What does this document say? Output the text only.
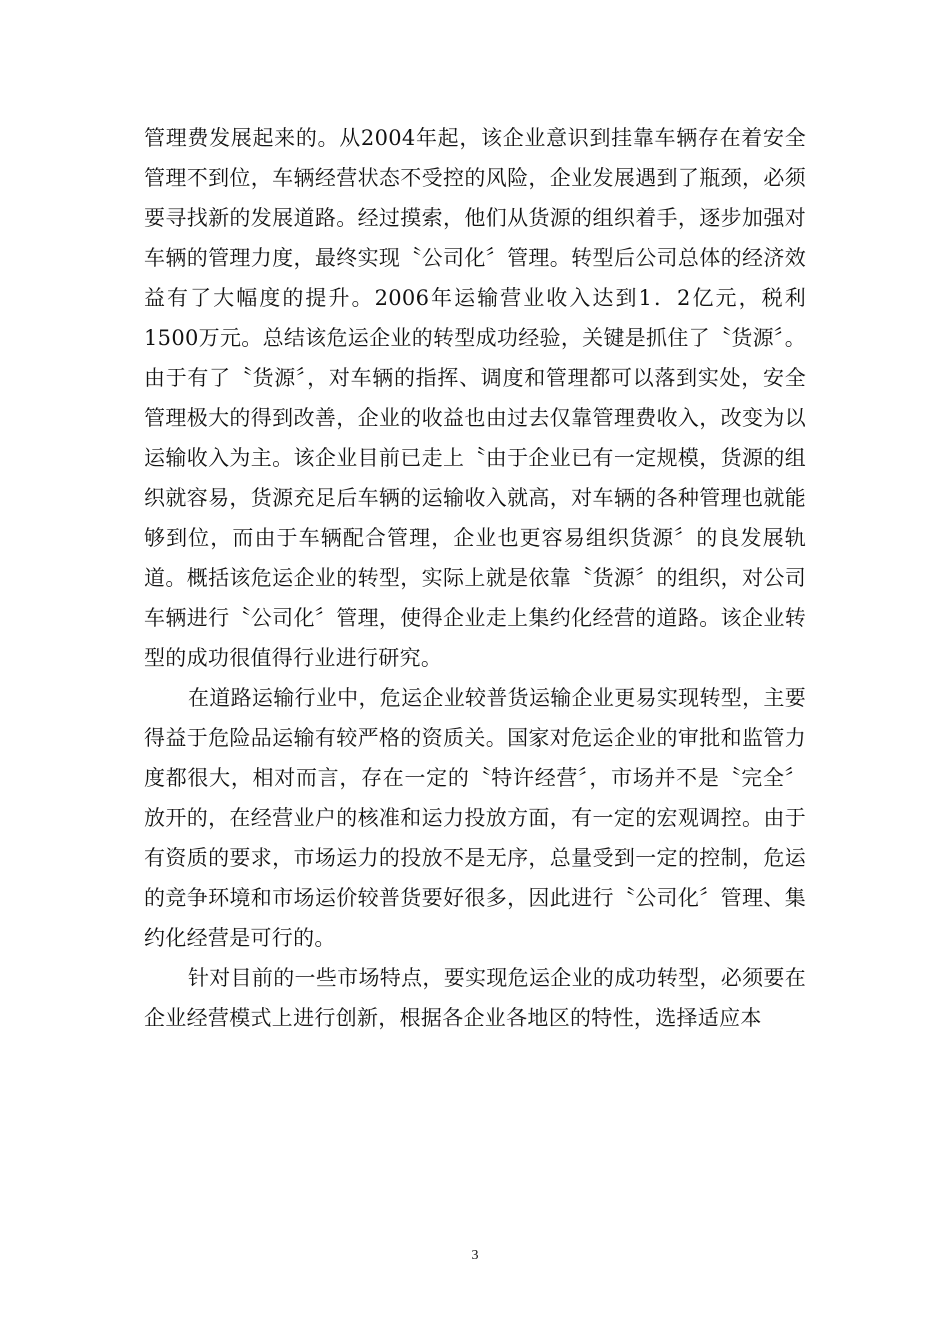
管理费发展起来的。从2004年起，该企业意识到挂靠车辆存在着安全管理不到位，车辆经营状态不受控的风险，企业发展遇到了瓶颈，必须要寻找新的发展道路。经过摸索，他们从货源的组织着手，逐步加强对车辆的管理力度，最终实现〝公司化〞管理。转型后公司总体的经济效益有了大幅度的提升。2006年运输营业收入达到1．2亿元，税利1500万元。总结该危运企业的转型成功经验，关键是抓住了〝货源〞。由于有了〝货源〞，对车辆的指挥、调度和管理都可以落到实处，安全管理极大的得到改善，企业的收益也由过去仅靠管理费收入，改变为以运输收入为主。该企业目前已走上〝由于企业已有一定规模，货源的组织就容易，货源充足后车辆的运输收入就高，对车辆的各种管理也就能够到位，而由于车辆配合管理，企业也更容易组织货源〞的良发展轨道。概括该危运企业的转型，实际上就是依靠〝货源〞的组织，对公司车辆进行〝公司化〞管理，使得企业走上集约化经营的道路。该企业转型的成功很值得行业进行研究。

在道路运输行业中，危运企业较普货运输企业更易实现转型，主要得益于危险品运输有较严格的资质关。国家对危运企业的审批和监管力度都很大，相对而言，存在一定的〝特许经营〞，市场并不是〝完全〞放开的，在经营业户的核准和运力投放方面，有一定的宏观调控。由于有资质的要求，市场运力的投放不是无序，总量受到一定的控制，危运的竞争环境和市场运价较普货要好很多，因此进行〝公司化〞管理、集约化经营是可行的。

针对目前的一些市场特点，要实现危运企业的成功转型，必须要在企业经营模式上进行创新，根据各企业各地区的特性，选择适应本

3
